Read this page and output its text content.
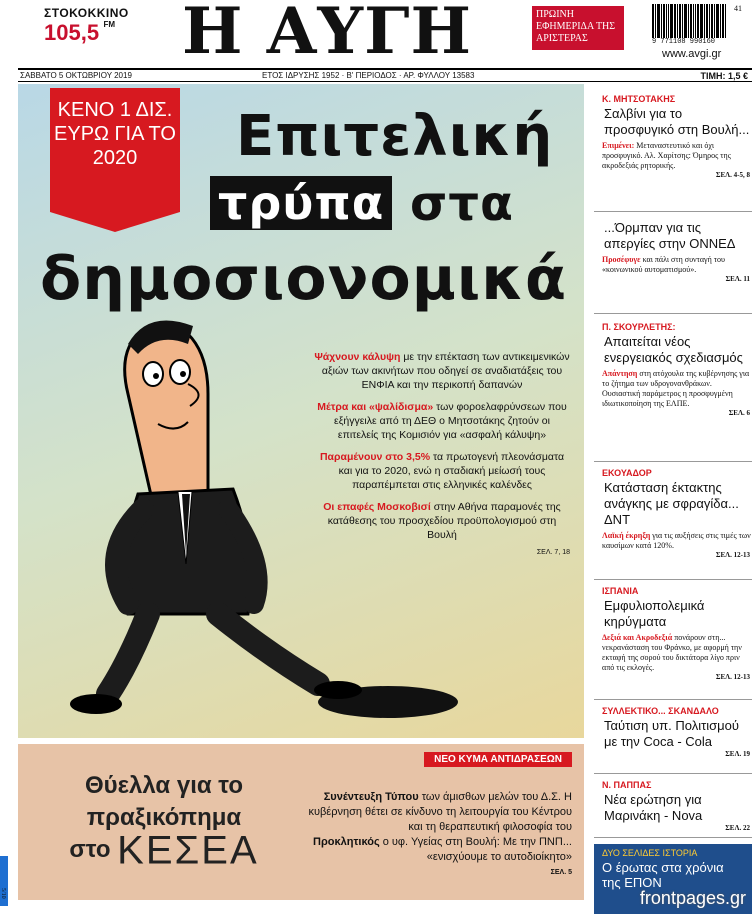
ΣΤΟΚΟΚΚΙΝΟ
105,5 $^{FM}$	Η ΑΥΓΗ	ΠΡΩΙΝΗ ΕΦΗΜΕΡΙΔΑ ΤΗΣ ΑΡΙΣΤΕΡΑΣ	9 771108 990160
41
www.avgi.gr
ΣΑΒΒΑΤΟ 5 ΟΚΤΩΒΡΙΟΥ 2019	ΕΤΟΣ ΙΔΡΥΣΗΣ 1952 · Β' ΠΕΡΙΟΔΟΣ · ΑΡ. ΦΥΛΛΟΥ 13583	ΤΙΜΗ: 1,5 €
ΚΕΝΟ 1 ΔΙΣ. ΕΥΡΩ ΓΙΑ ΤΟ 2020	Επιτελική
τρύπα στα
δημοσιονομικά

Ψάχνουν κάλυψη με την επέκταση των αντικειμενικών αξιών των ακινήτων που οδηγεί σε αναδιατάξεις του ΕΝΦΙΑ και την περικοπή δαπανών

Μέτρα και «ψαλίδισμα» των φοροελαφρύνσεων που εξήγγειλε από τη ΔΕΘ ο Μητσοτάκης ζητούν οι επιτελείς της Κομισιόν για «ασφαλή κάλυψη»

Παραμένουν στο 3,5% τα πρωτογενή πλεονάσματα και για το 2020, ενώ η σταδιακή μείωσή τους παραπέμπεται στις ελληνικές καλένδες

Οι επαφές Μοσκοβισί στην Αθήνα παραμονές της κατάθεσης του προσχεδίου προϋπολογισμού στη Βουλή

ΣΕΛ. 7, 18
Κ. ΜΗΤΣΟΤΑΚΗΣ
Σαλβίνι για το προσφυγικό στη Βουλή...
Επιμένει: Μεταναστευτικό και όχι προσφυγικό. Αλ. Χαρίτσης: Όμηρος της ακροδεξιάς ρητορικής.
ΣΕΛ. 4-5, 8
...Όρμπαν για τις απεργίες στην ΟΝΝΕΔ
Προσέφυγε και πάλι στη συνταγή του «κοινωνικού αυτοματισμού».
ΣΕΛ. 11
Π. ΣΚΟΥΡΛΕΤΗΣ:
Απαιτείται νέος ενεργειακός σχεδιασμός
Απάντηση στη ατόχουλα της κυβέρνησης για το ζήτημα των υδρογονανθράκων. Ουσιαστική παράμετρος η προσφυγμένη ιδιωτικοποίηση της ΕΛΠΕ.
ΣΕΛ. 6
ΕΚΟΥΑΔΟΡ
Κατάσταση έκτακτης ανάγκης με σφραγίδα... ΔΝΤ
Λαϊκή έκρηξη για τις αυξήσεις στις τιμές των καυσίμων κατά 120%.
ΣΕΛ. 12-13
ΙΣΠΑΝΙΑ
Εμφυλιοπολεμικά κηρύγματα
Δεξιά και Ακροδεξιά πονάρουν στη... νεκρανάσταση του Φράνκο, με αφορμή την εκταφή της σορού του δικτάτορα λίγο πριν από τις εκλογές.
ΣΕΛ. 12-13
ΣΥΛΛΕΚΤΙΚΟ... ΣΚΑΝΔΑΛΟ
Ταύτιση υπ. Πολιτισμού με την Coca - Cola
ΣΕΛ. 19
Ν. ΠΑΠΠΑΣ
Νέα ερώτηση για Μαρινάκη - Nova
ΣΕΛ. 22
ΔΥΟ ΣΕΛΙΔΕΣ ΙΣΤΟΡΙΑ
Ο έρωτας στα χρόνια της ΕΠΟΝ
Θύελλα για το
πραξικόπημα
στο ΚΕΣΕΑ
ΝΕΟ ΚΥΜΑ ΑΝΤΙΔΡΑΣΕΩΝ

Συνέντευξη Τύπου των άμισθων μελών του Δ.Σ. Η κυβέρνηση θέτει σε κίνδυνο τη λειτουργία του Κέντρου και τη θεραπευτική φιλοσοφία του

Προκλητικός ο υφ. Υγείας στη Βουλή: Με την ΠΝΠ... «ενισχύουμε το αυτοδιοίκητο»

ΣΕΛ. 5
5/10	frontpages.gr
